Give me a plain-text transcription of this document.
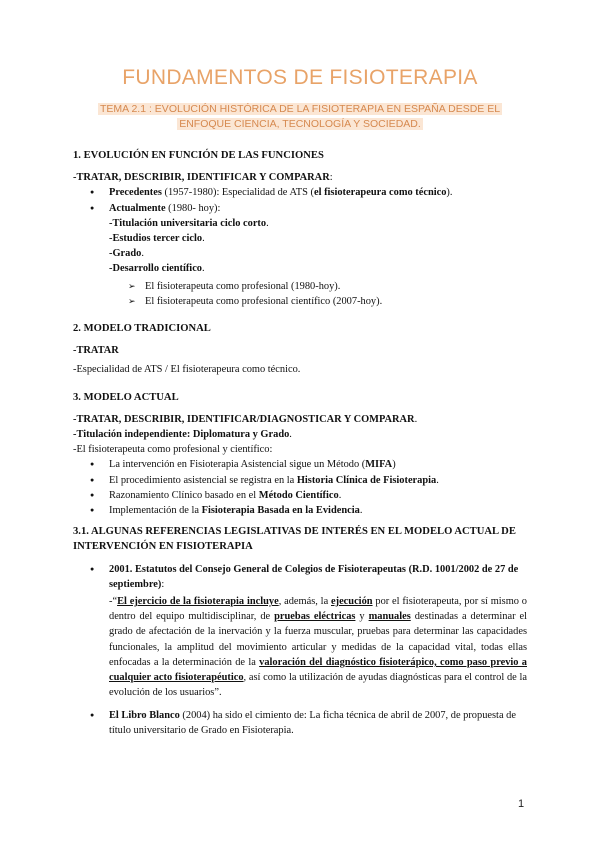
FUNDAMENTOS DE FISIOTERAPIA
TEMA 2.1 : EVOLUCIÓN HISTÓRICA DE LA FISIOTERAPIA EN ESPAÑA DESDE EL
ENFOQUE CIENCIA, TECNOLOGÍA Y SOCIEDAD.

1. EVOLUCIÓN EN FUNCIÓN DE LAS FUNCIONES

-TRATAR, DESCRIBIR, IDENTIFICAR Y COMPARAR:

● Precedentes (1957-1980): Especialidad de ATS (el fisioterapeura como técnico).
● Actualmente (1980- hoy):
-Titulación universitaria ciclo corto.
-Estudios tercer ciclo.
-Grado.
-Desarrollo científico.
➢ El fisioterapeuta como profesional (1980-hoy).
➢ El fisioterapeuta como profesional científico (2007-hoy).

2. MODELO TRADICIONAL

-TRATAR

-Especialidad de ATS / El fisioterapeura como técnico.

3. MODELO ACTUAL

-TRATAR, DESCRIBIR, IDENTIFICAR/DIAGNOSTICAR Y COMPARAR.

-Titulación independiente: Diplomatura y Grado.

-El fisioterapeuta como profesional y científico:

● La intervención en Fisioterapia Asistencial sigue un Método (MIFA)
● El procedimiento asistencial se registra en la Historia Clínica de Fisioterapia.
● Razonamiento Clínico basado en el Método Científico.
● Implementación de la Fisioterapia Basada en la Evidencia.

3.1. ALGUNAS REFERENCIAS LEGISLATIVAS DE INTERÉS EN EL MODELO ACTUAL DE INTERVENCIÓN EN FISIOTERAPIA

● 2001. Estatutos del Consejo General de Colegios de Fisioterapeutas (R.D. 1001/2002 de 27 de septiembre):
-“El ejercicio de la fisioterapia incluye, además, la ejecución por el fisioterapeuta, por sí mismo o dentro del equipo multidisciplinar, de pruebas eléctricas y manuales destinadas a determinar el grado de afectación de la inervación y la fuerza muscular, pruebas para determinar las capacidades funcionales, la amplitud del movimiento articular y medidas de la capacidad vital, todas ellas enfocadas a la determinación de la valoración del diagnóstico fisioterápico, como paso previo a cualquier acto fisioterapéutico, así como la utilización de ayudas diagnósticas para el control de la evolución de los usuarios”.
● El Libro Blanco (2004) ha sido el cimiento de: La ficha técnica de abril de 2007, de propuesta de título universitario de Grado en Fisioterapia.
1
